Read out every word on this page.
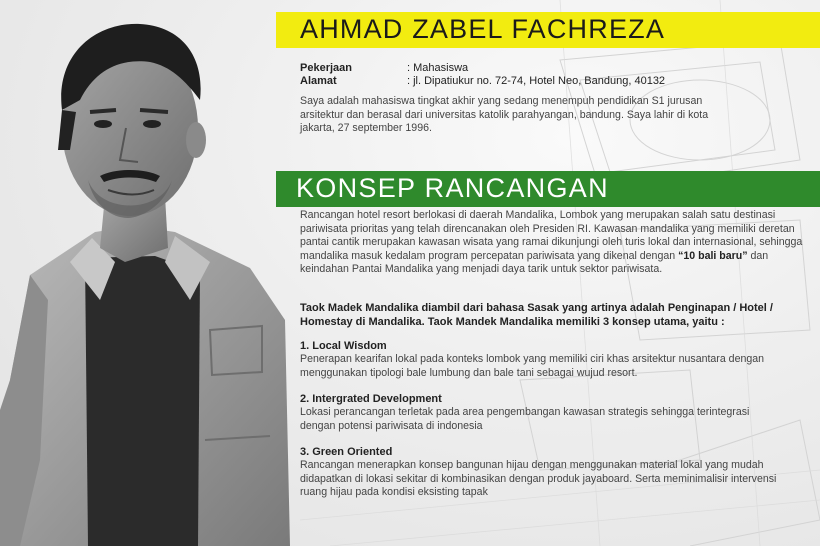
AHMAD ZABEL FACHREZA
Pekerjaan	: Mahasiswa
Alamat	: jl. Dipatiukur no. 72-74, Hotel Neo, Bandung, 40132

Saya adalah mahasiswa tingkat akhir yang sedang menempuh pendidikan S1 jurusan arsitektur dan berasal dari universitas katolik parahyangan, bandung. Saya lahir di kota jakarta, 27 september 1996.

KONSEP RANCANGAN

Rancangan hotel resort berlokasi di daerah Mandalika, Lombok yang merupakan salah satu destinasi pariwisata prioritas yang telah direncanakan oleh Presiden RI. Kawasan mandalika yang memiliki deretan pantai cantik merupakan kawasan wisata yang ramai dikunjungi oleh turis lokal dan internasional, sehingga mandalika masuk kedalam program percepatan pariwisata yang dikenal dengan “10 bali baru” dan keindahan Pantai Mandalika yang menjadi daya tarik untuk sektor pariwisata.

Taok Madek Mandalika diambil dari bahasa Sasak yang artinya adalah Penginapan / Hotel / Homestay di Mandalika. Taok Mandek Mandalika memiliki 3 konsep utama, yaitu :

1. Local Wisdom

Penerapan kearifan lokal pada konteks lombok yang memiliki ciri khas arsitektur nusantara dengan menggunakan tipologi bale lumbung dan bale tani sebagai wujud resort.

2. Intergrated Development

Lokasi perancangan terletak pada area pengembangan kawasan strategis sehingga terintegrasi dengan potensi pariwisata di indonesia

3. Green Oriented

Rancangan menerapkan konsep bangunan hijau dengan menggunakan material lokal yang mudah didapatkan di lokasi sekitar di kombinasikan dengan produk jayaboard. Serta meminimalisir intervensi ruang hijau pada kondisi eksisting tapak
